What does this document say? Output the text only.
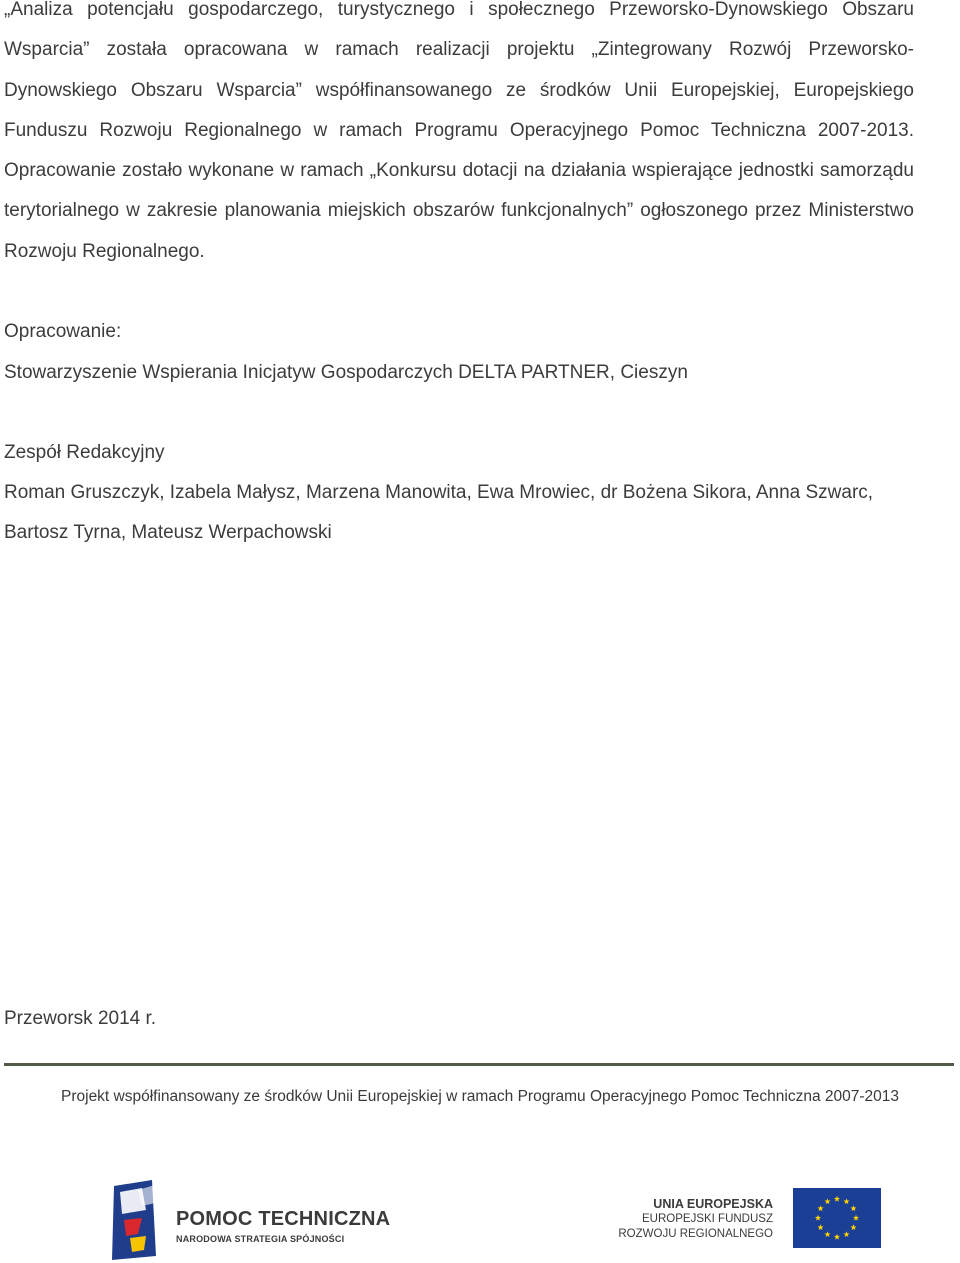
„Analiza potencjału gospodarczego, turystycznego i społecznego Przeworsko-Dynowskiego Obszaru Wsparcia” została opracowana w ramach realizacji projektu „Zintegrowany Rozwój Przeworsko-Dynowskiego Obszaru Wsparcia” współfinansowanego ze środków Unii Europejskiej, Europejskiego Funduszu Rozwoju Regionalnego w ramach Programu Operacyjnego Pomoc Techniczna 2007-2013. Opracowanie zostało wykonane w ramach „Konkursu dotacji na działania wspierające jednostki samorządu terytorialnego w zakresie planowania miejskich obszarów funkcjonalnych” ogłoszonego przez Ministerstwo Rozwoju Regionalnego.

Opracowanie:

Stowarzyszenie Wspierania Inicjatyw Gospodarczych DELTA PARTNER, Cieszyn

Zespół Redakcyjny

Roman Gruszczyk, Izabela Małysz, Marzena Manowita, Ewa Mrowiec, dr Bożena Sikora, Anna Szwarc,
Bartosz Tyrna, Mateusz Werpachowski

Przeworsk 2014 r.

Projekt współfinansowany ze środków Unii Europejskiej w ramach Programu Operacyjnego Pomoc Techniczna 2007-2013
POMOC TECHNICZNA
NARODOWA STRATEGIA SPÓJNOŚCI
UNIA EUROPEJSKA
EUROPEJSKI FUNDUSZ
ROZWOJU REGIONALNEGO
